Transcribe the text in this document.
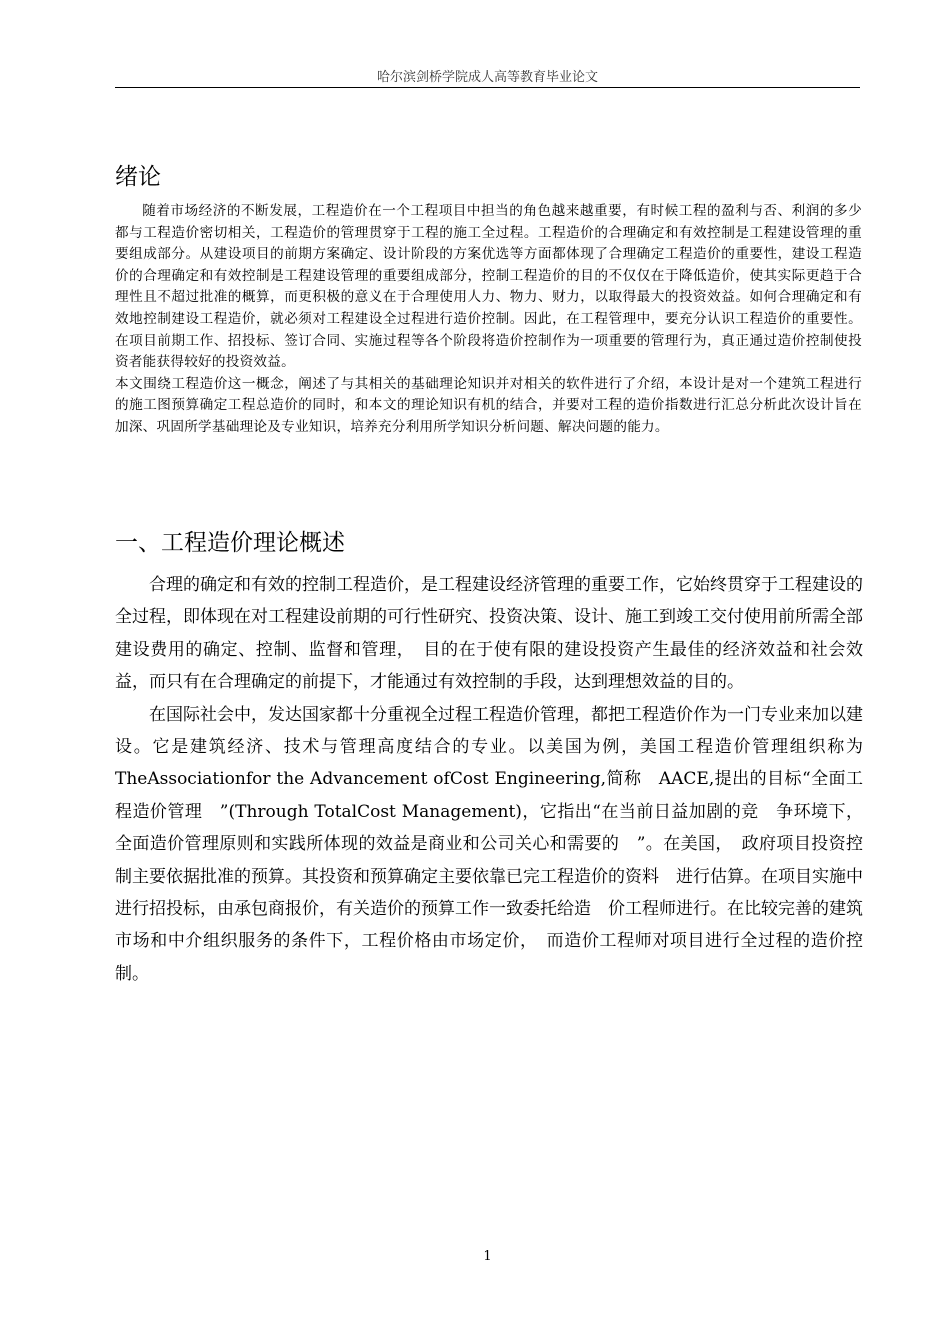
哈尔滨剑桥学院成人高等教育毕业论文
绪论

随着市场经济的不断发展，工程造价在一个工程项目中担当的角色越来越重要，有时候工程的盈利与否、利润的多少都与工程造价密切相关，工程造价的管理贯穿于工程的施工全过程。工程造价的合理确定和有效控制是工程建设管理的重要组成部分。从建设项目的前期方案确定、设计阶段的方案优选等方面都体现了合理确定工程造价的重要性，建设工程造价的合理确定和有效控制是工程建设管理的重要组成部分，控制工程造价的目的不仅仅在于降低造价，使其实际更趋于合理性且不超过批准的概算，而更积极的意义在于合理使用人力、物力、财力，以取得最大的投资效益。如何合理确定和有效地控制建设工程造价，就必须对工程建设全过程进行造价控制。因此，在工程管理中，要充分认识工程造价的重要性。在项目前期工作、招投标、签订合同、实施过程等各个阶段将造价控制作为一项重要的管理行为，真正通过造价控制使投资者能获得较好的投资效益。

本文围绕工程造价这一概念，阐述了与其相关的基础理论知识并对相关的软件进行了介绍，本设计是对一个建筑工程进行的施工图预算确定工程总造价的同时，和本文的理论知识有机的结合，并要对工程的造价指数进行汇总分析此次设计旨在加深、巩固所学基础理论及专业知识，培养充分利用所学知识分析问题、解决问题的能力。

一、工程造价理论概述

合理的确定和有效的控制工程造价，是工程建设经济管理的重要工作，它始终贯穿于工程建设的全过程，即体现在对工程建设前期的可行性研究、投资决策、设计、施工到竣工交付使用前所需全部建设费用的确定、控制、监督和管理，　目的在于使有限的建设投资产生最佳的经济效益和社会效益，而只有在合理确定的前提下，才能通过有效控制的手段，达到理想效益的目的。

在国际社会中，发达国家都十分重视全过程工程造价管理，都把工程造价作为一门专业来加以建设。它是建筑经济、技术与管理高度结合的专业。以美国为例，美国工程造价管理组织称为　TheAssociationfor the Advancement ofCost Engineering,简称　AACE,提出的目标“全面工程造价管理　”(Through TotalCost Management)，它指出“在当前日益加剧的竞　争环境下，全面造价管理原则和实践所体现的效益是商业和公司关心和需要的　”。在美国，　政府项目投资控制主要依据批准的预算。其投资和预算确定主要依靠已完工程造价的资料　进行估算。在项目实施中进行招投标，由承包商报价，有关造价的预算工作一致委托给造　价工程师进行。在比较完善的建筑市场和中介组织服务的条件下，工程价格由市场定价，　而造价工程师对项目进行全过程的造价控制。

1
